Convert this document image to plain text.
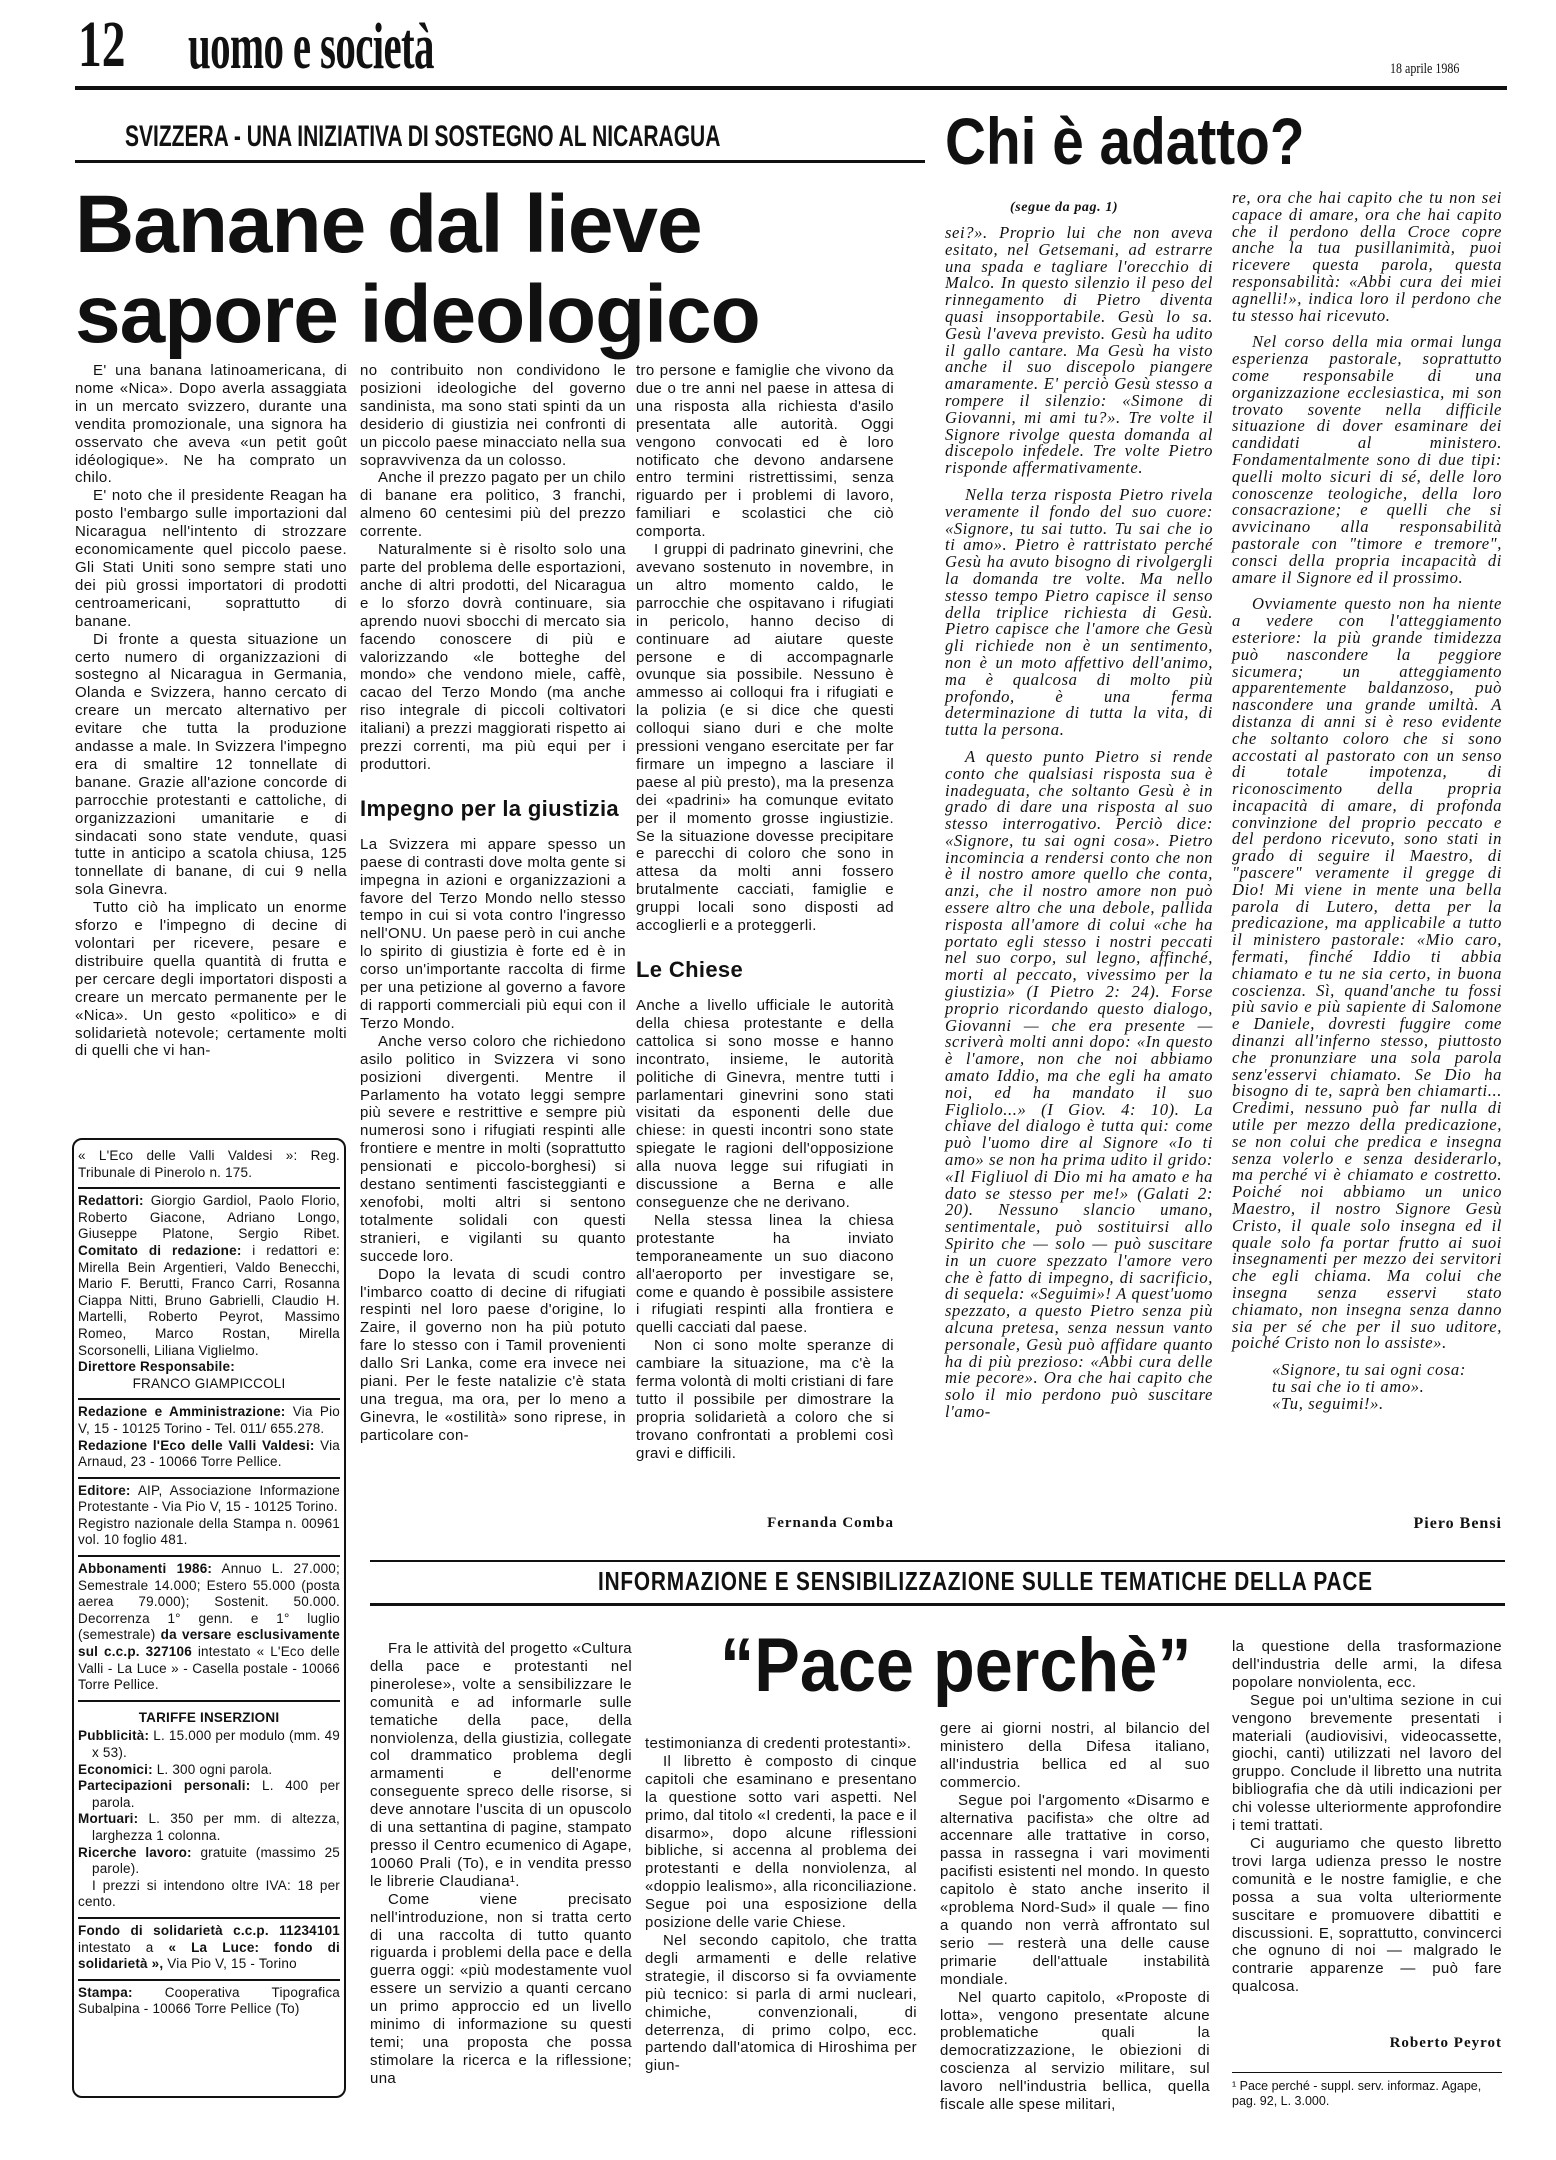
12 uomo e società	18 aprile 1986
SVIZZERA - UNA INIZIATIVA DI SOSTEGNO AL NICARAGUA
Banane dal lieve
sapore ideologico

E' una banana latinoamericana, di nome «Nica». Dopo averla assaggiata in un mercato svizzero, durante una vendita promozionale, una signora ha osservato che aveva «un petit goût idéologique». Ne ha comprato un chilo.

E' noto che il presidente Reagan ha posto l'embargo sulle importazioni dal Nicaragua nell'intento di strozzare economicamente quel piccolo paese. Gli Stati Uniti sono sempre stati uno dei più grossi importatori di prodotti centroamericani, soprattutto di banane.

Di fronte a questa situazione un certo numero di organizzazioni di sostegno al Nicaragua in Germania, Olanda e Svizzera, hanno cercato di creare un mercato alternativo per evitare che tutta la produzione andasse a male. In Svizzera l'impegno era di smaltire 12 tonnellate di banane. Grazie all'azione concorde di parrocchie protestanti e cattoliche, di organizzazioni umanitarie e di sindacati sono state vendute, quasi tutte in anticipo a scatola chiusa, 125 tonnellate di banane, di cui 9 nella sola Ginevra.

Tutto ciò ha implicato un enorme sforzo e l'impegno di decine di volontari per ricevere, pesare e distribuire quella quantità di frutta e per cercare degli importatori disposti a creare un mercato permanente per le «Nica». Un gesto «politico» e di solidarietà notevole; certamente molti di quelli che vi han-

no contribuito non condividono le posizioni ideologiche del governo sandinista, ma sono stati spinti da un desiderio di giustizia nei confronti di un piccolo paese minacciato nella sua sopravvivenza da un colosso.

Anche il prezzo pagato per un chilo di banane era politico, 3 franchi, almeno 60 centesimi più del prezzo corrente.

Naturalmente si è risolto solo una parte del problema delle esportazioni, anche di altri prodotti, del Nicaragua e lo sforzo dovrà continuare, sia aprendo nuovi sbocchi di mercato sia facendo conoscere di più e valorizzando «le botteghe del mondo» che vendono miele, caffè, cacao del Terzo Mondo (ma anche riso integrale di piccoli coltivatori italiani) a prezzi maggiorati rispetto ai prezzi correnti, ma più equi per i produttori.

Impegno per la giustizia

La Svizzera mi appare spesso un paese di contrasti dove molta gente si impegna in azioni e organizzazioni a favore del Terzo Mondo nello stesso tempo in cui si vota contro l'ingresso nell'ONU. Un paese però in cui anche lo spirito di giustizia è forte ed è in corso un'importante raccolta di firme per una petizione al governo a favore di rapporti commerciali più equi con il Terzo Mondo.

Anche verso coloro che richiedono asilo politico in Svizzera vi sono posizioni divergenti. Mentre il Parlamento ha votato leggi sempre più severe e restrittive e sempre più numerosi sono i rifugiati respinti alle frontiere e mentre in molti (soprattutto pensionati e piccolo-borghesi) si destano sentimenti fascisteggianti e xenofobi, molti altri si sentono totalmente solidali con questi stranieri, e vigilanti su quanto succede loro.

Dopo la levata di scudi contro l'imbarco coatto di decine di rifugiati respinti nel loro paese d'origine, lo Zaire, il governo non ha più potuto fare lo stesso con i Tamil provenienti dallo Sri Lanka, come era invece nei piani. Per le feste natalizie c'è stata una tregua, ma ora, per lo meno a Ginevra, le «ostilità» sono riprese, in particolare con-

tro persone e famiglie che vivono da due o tre anni nel paese in attesa di una risposta alla richiesta d'asilo presentata alle autorità. Oggi vengono convocati ed è loro notificato che devono andarsene entro termini ristrettissimi, senza riguardo per i problemi di lavoro, familiari e scolastici che ciò comporta.

I gruppi di padrinato ginevrini, che avevano sostenuto in novembre, in un altro momento caldo, le parrocchie che ospitavano i rifugiati in pericolo, hanno deciso di continuare ad aiutare queste persone e di accompagnarle ovunque sia possibile. Nessuno è ammesso ai colloqui fra i rifugiati e la polizia (e si dice che questi colloqui siano duri e che molte pressioni vengano esercitate per far firmare un impegno a lasciare il paese al più presto), ma la presenza dei «padrini» ha comunque evitato per il momento grosse ingiustizie. Se la situazione dovesse precipitare e parecchi di coloro che sono in attesa da molti anni fossero brutalmente cacciati, famiglie e gruppi locali sono disposti ad accoglierli e a proteggerli.

Le Chiese

Anche a livello ufficiale le autorità della chiesa protestante e della cattolica si sono mosse e hanno incontrato, insieme, le autorità politiche di Ginevra, mentre tutti i parlamentari ginevrini sono stati visitati da esponenti delle due chiese: in questi incontri sono state spiegate le ragioni dell'opposizione alla nuova legge sui rifugiati in discussione a Berna e alle conseguenze che ne derivano.

Nella stessa linea la chiesa protestante ha inviato temporaneamente un suo diacono all'aeroporto per investigare se, come e quando è possibile assistere i rifugiati respinti alla frontiera e quelli cacciati dal paese.

Non ci sono molte speranze di cambiare la situazione, ma c'è la ferma volontà di molti cristiani di fare tutto il possibile per dimostrare la propria solidarietà a coloro che si trovano confrontati a problemi così gravi e difficili.

Fernanda Comba

« L'Eco delle Valli Valdesi »: Reg. Tribunale di Pinerolo n. 175.

Redattori: Giorgio Gardiol, Paolo Florio, Roberto Giacone, Adriano Longo, Giuseppe Platone, Sergio Ribet. Comitato di redazione: i redattori e: Mirella Bein Argentieri, Valdo Benecchi, Mario F. Berutti, Franco Carri, Rosanna Ciappa Nitti, Bruno Gabrielli, Claudio H. Martelli, Roberto Peyrot, Massimo Romeo, Marco Rostan, Mirella Scorsonelli, Liliana Viglielmo.

Direttore Responsabile:

FRANCO GIAMPICCOLI

Redazione e Amministrazione: Via Pio V, 15 - 10125 Torino - Tel. 011/ 655.278.

Redazione l'Eco delle Valli Valdesi: Via Arnaud, 23 - 10066 Torre Pellice.

Editore: AIP, Associazione Informazione Protestante - Via Pio V, 15 - 10125 Torino.

Registro nazionale della Stampa n. 00961 vol. 10 foglio 481.

Abbonamenti 1986: Annuo L. 27.000; Semestrale 14.000; Estero 55.000 (posta aerea 79.000); Sostenit. 50.000. Decorrenza 1° genn. e 1° luglio (semestrale) da versare esclusivamente sul c.c.p. 327106 intestato « L'Eco delle Valli - La Luce » - Casella postale - 10066 Torre Pellice.

TARIFFE INSERZIONI

Pubblicità: L. 15.000 per modulo (mm. 49 x 53).

Economici: L. 300 ogni parola.

Partecipazioni personali: L. 400 per parola.

Mortuari: L. 350 per mm. di altezza, larghezza 1 colonna.

Ricerche lavoro: gratuite (massimo 25 parole).

I prezzi si intendono oltre IVA: 18 per cento.

Fondo di solidarietà c.c.p. 11234101 intestato a « La Luce: fondo di solidarietà », Via Pio V, 15 - Torino

Stampa: Cooperativa Tipografica Subalpina - 10066 Torre Pellice (To)

Chi è adatto?
(segue da pag. 1)

sei?». Proprio lui che non aveva esitato, nel Getsemani, ad estrarre una spada e tagliare l'orecchio di Malco. In questo silenzio il peso del rinnegamento di Pietro diventa quasi insopportabile. Gesù lo sa. Gesù l'aveva previsto. Gesù ha udito il gallo cantare. Ma Gesù ha visto anche il suo discepolo piangere amaramente. E' perciò Gesù stesso a rompere il silenzio: «Simone di Giovanni, mi ami tu?». Tre volte il Signore rivolge questa domanda al discepolo infedele. Tre volte Pietro risponde affermativamente.

Nella terza risposta Pietro rivela veramente il fondo del suo cuore: «Signore, tu sai tutto. Tu sai che io ti amo». Pietro è rattristato perché Gesù ha avuto bisogno di rivolgergli la domanda tre volte. Ma nello stesso tempo Pietro capisce il senso della triplice richiesta di Gesù. Pietro capisce che l'amore che Gesù gli richiede non è un sentimento, non è un moto affettivo dell'animo, ma è qualcosa di molto più profondo, è una ferma determinazione di tutta la vita, di tutta la persona.

A questo punto Pietro si rende conto che qualsiasi risposta sua è inadeguata, che soltanto Gesù è in grado di dare una risposta al suo stesso interrogativo. Perciò dice: «Signore, tu sai ogni cosa». Pietro incomincia a rendersi conto che non è il nostro amore quello che conta, anzi, che il nostro amore non può essere altro che una debole, pallida risposta all'amore di colui «che ha portato egli stesso i nostri peccati nel suo corpo, sul legno, affinché, morti al peccato, vivessimo per la giustizia» (I Pietro 2: 24). Forse proprio ricordando questo dialogo, Giovanni — che era presente — scriverà molti anni dopo: «In questo è l'amore, non che noi abbiamo amato Iddio, ma che egli ha amato noi, ed ha mandato il suo Figliolo...» (I Giov. 4: 10). La chiave del dialogo è tutta qui: come può l'uomo dire al Signore «Io ti amo» se non ha prima udito il grido: «Il Figliuol di Dio mi ha amato e ha dato se stesso per me!» (Galati 2: 20). Nessuno slancio umano, sentimentale, può sostituirsi allo Spirito che — solo — può suscitare in un cuore spezzato l'amore vero che è fatto di impegno, di sacrificio, di sequela: «Seguimi»! A quest'uomo spezzato, a questo Pietro senza più alcuna pretesa, senza nessun vanto personale, Gesù può affidare quanto ha di più prezioso: «Abbi cura delle mie pecore». Ora che hai capito che solo il mio perdono può suscitare l'amo-

re, ora che hai capito che tu non sei capace di amare, ora che hai capito che il perdono della Croce copre anche la tua pusillanimità, puoi ricevere questa parola, questa responsabilità: «Abbi cura dei miei agnelli!», indica loro il perdono che tu stesso hai ricevuto.

Nel corso della mia ormai lunga esperienza pastorale, soprattutto come responsabile di una organizzazione ecclesiastica, mi son trovato sovente nella difficile situazione di dover esaminare dei candidati al ministero. Fondamentalmente sono di due tipi: quelli molto sicuri di sé, delle loro conoscenze teologiche, della loro consacrazione; e quelli che si avvicinano alla responsabilità pastorale con "timore e tremore", consci della propria incapacità di amare il Signore ed il prossimo.

Ovviamente questo non ha niente a vedere con l'atteggiamento esteriore: la più grande timidezza può nascondere la peggiore sicumera; un atteggiamento apparentemente baldanzoso, può nascondere una grande umiltà. A distanza di anni si è reso evidente che soltanto coloro che si sono accostati al pastorato con un senso di totale impotenza, di riconoscimento della propria incapacità di amare, di profonda convinzione del proprio peccato e del perdono ricevuto, sono stati in grado di seguire il Maestro, di "pascere" veramente il gregge di Dio! Mi viene in mente una bella parola di Lutero, detta per la predicazione, ma applicabile a tutto il ministero pastorale: «Mio caro, fermati, finché Iddio ti abbia chiamato e tu ne sia certo, in buona coscienza. Sì, quand'anche tu fossi più savio e più sapiente di Salomone e Daniele, dovresti fuggire come dinanzi all'inferno stesso, piuttosto che pronunziare una sola parola senz'esservi chiamato. Se Dio ha bisogno di te, saprà ben chiamarti... Credimi, nessuno può far nulla di utile per mezzo della predicazione, se non colui che predica e insegna senza volerlo e senza desiderarlo, ma perché vi è chiamato e costretto. Poiché noi abbiamo un unico Maestro, il nostro Signore Gesù Cristo, il quale solo insegna ed il quale solo fa portar frutto ai suoi insegnamenti per mezzo dei servitori che egli chiama. Ma colui che insegna senza esservi stato chiamato, non insegna senza danno sia per sé che per il suo uditore, poiché Cristo non lo assiste».

«Signore, tu sai ogni cosa:
tu sai che io ti amo».
«Tu, seguimi!».
Piero Bensi
INFORMAZIONE E SENSIBILIZZAZIONE SULLE TEMATICHE DELLA PACE
“Pace perchè”

Fra le attività del progetto «Cultura della pace e protestanti nel pinerolese», volte a sensibilizzare le comunità e ad informarle sulle tematiche della pace, della nonviolenza, della giustizia, collegate col drammatico problema degli armamenti e dell'enorme conseguente spreco delle risorse, si deve annotare l'uscita di un opuscolo di una settantina di pagine, stampato presso il Centro ecumenico di Agape, 10060 Prali (To), e in vendita presso le librerie Claudiana¹.

Come viene precisato nell'introduzione, non si tratta certo di una raccolta di tutto quanto riguarda i problemi della pace e della guerra oggi: «più modestamente vuol essere un servizio a quanti cercano un primo approccio ed un livello minimo di informazione su questi temi; una proposta che possa stimolare la ricerca e la riflessione; una

testimonianza di credenti protestanti».

Il libretto è composto di cinque capitoli che esaminano e presentano la questione sotto vari aspetti. Nel primo, dal titolo «I credenti, la pace e il disarmo», dopo alcune riflessioni bibliche, si accenna al problema dei protestanti e della nonviolenza, al «doppio lealismo», alla riconciliazione. Segue poi una esposizione della posizione delle varie Chiese.

Nel secondo capitolo, che tratta degli armamenti e delle relative strategie, il discorso si fa ovviamente più tecnico: si parla di armi nucleari, chimiche, convenzionali, di deterrenza, di primo colpo, ecc. partendo dall'atomica di Hiroshima per giun-

gere ai giorni nostri, al bilancio del ministero della Difesa italiano, all'industria bellica ed al suo commercio.

Segue poi l'argomento «Disarmo e alternativa pacifista» che oltre ad accennare alle trattative in corso, passa in rassegna i vari movimenti pacifisti esistenti nel mondo. In questo capitolo è stato anche inserito il «problema Nord-Sud» il quale — fino a quando non verrà affrontato sul serio — resterà una delle cause primarie dell'attuale instabilità mondiale.

Nel quarto capitolo, «Proposte di lotta», vengono presentate alcune problematiche quali la democratizzazione, le obiezioni di coscienza al servizio militare, sul lavoro nell'industria bellica, quella fiscale alle spese militari,

la questione della trasformazione dell'industria delle armi, la difesa popolare nonviolenta, ecc.

Segue poi un'ultima sezione in cui vengono brevemente presentati i materiali (audiovisivi, videocassette, giochi, canti) utilizzati nel lavoro del gruppo. Conclude il libretto una nutrita bibliografia che dà utili indicazioni per chi volesse ulteriormente approfondire i temi trattati.

Ci auguriamo che questo libretto trovi larga udienza presso le nostre comunità e le nostre famiglie, e che possa a sua volta ulteriormente suscitare e promuovere dibattiti e discussioni. E, soprattutto, convincerci che ognuno di noi — malgrado le contrarie apparenze — può fare qualcosa.

Roberto Peyrot
¹ Pace perché - suppl. serv. informaz. Agape, pag. 92, L. 3.000.
